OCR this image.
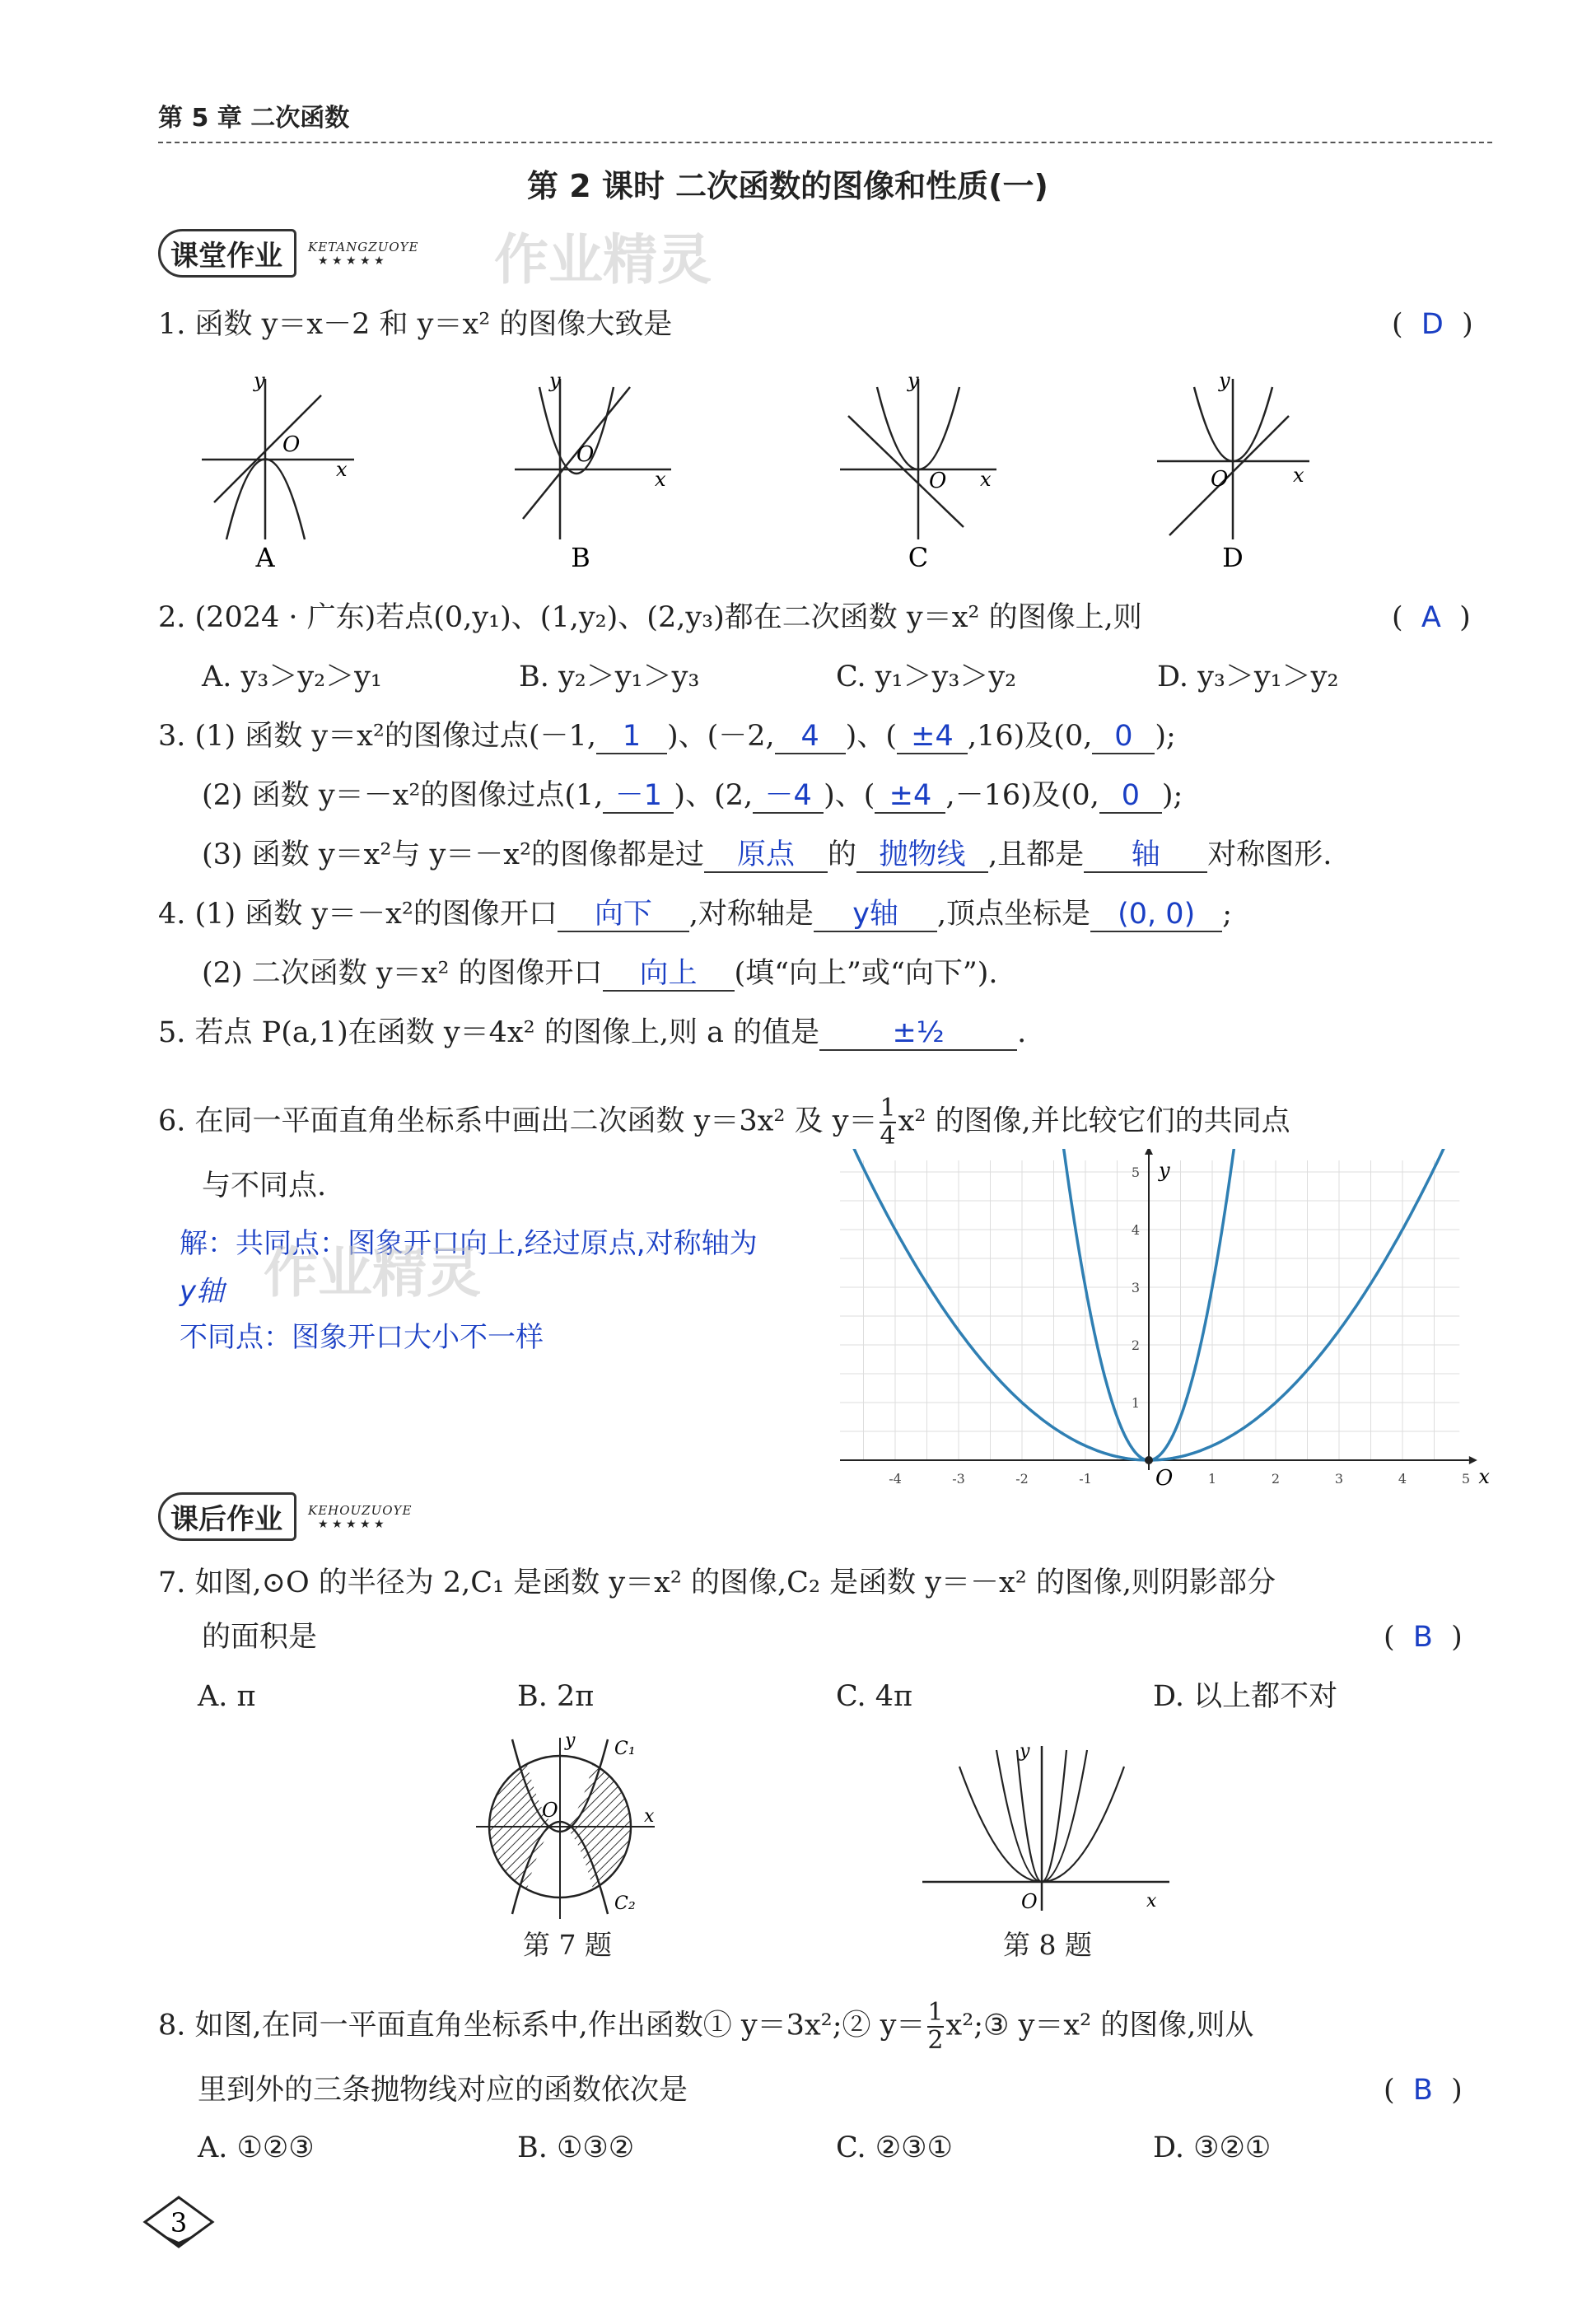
第 5 章 二次函数
第 2 课时 二次函数的图像和性质(一)
课堂作业	KETANGZUOYE
★ ★ ★ ★ ★	作业精灵
1. 函数 y＝x－2 和 y＝x² 的图像大致是	(  D  )
O
x
y
A
O
x
y
B
O x
y
C
O	x
y
D
2. (2024 · 广东)若点(0,y₁)、(1,y₂)、(2,y₃)都在二次函数 y＝x² 的图像上,则	(  A  )
A. y₃＞y₂＞y₁	B. y₂＞y₁＞y₃	C. y₁＞y₃＞y₂	D. y₃＞y₁＞y₂
3. (1) 函数 y＝x²的图像过点(－1, 1 )、(－2, 4 )、( ±4 ,16)及(0, 0 );
(2) 函数 y＝－x²的图像过点(1, －1 )、(2, －4 )、( ±4 ,－16)及(0, 0 );
(3) 函数 y＝x²与 y＝－x²的图像都是过 原点 的 抛物线 ,且都是 轴 对称图形.
4. (1) 函数 y＝－x²的图像开口 向下 ,对称轴是 y轴 ,顶点坐标是 (0, 0) ;
(2) 二次函数 y＝x² 的图像开口 向上 (填“向上”或“向下”).
5. 若点 P(a,1)在函数 y＝4x² 的图像上,则 a 的值是	±½	.
6. 在同一平面直角坐标系中画出二次函数 y＝3x² 及 $y= \frac{1}{4} x^2$ 的图像,并比较它们的共同点
与不同点.
解：共同点：图象开口向上,经过原点,对称轴为
y轴
不同点：图象开口大小不一样
作业精灵
-4	-3	-2	-1	1	2	3	4	5
1
2
3
4
5
x
y
O
课后作业	KEHOUZUOYE
★ ★ ★ ★ ★
7. 如图,⊙O 的半径为 2,C₁ 是函数 y＝x² 的图像,C₂ 是函数 y＝－x² 的图像,则阴影部分
的面积是	(  B  )
A. π	B. 2π	C. 4π	D. 以上都不对
O	x
y C₁
C₂
第 7 题
O	x
y
第 8 题
8. 如图,在同一平面直角坐标系中,作出函数① y＝3x²;② $y= \frac{1}{2}$ x²;③ y＝x² 的图像,则从
里到外的三条抛物线对应的函数依次是	(  B  )
A. ①②③	B. ①③②	C. ②③①	D. ③②①
3
